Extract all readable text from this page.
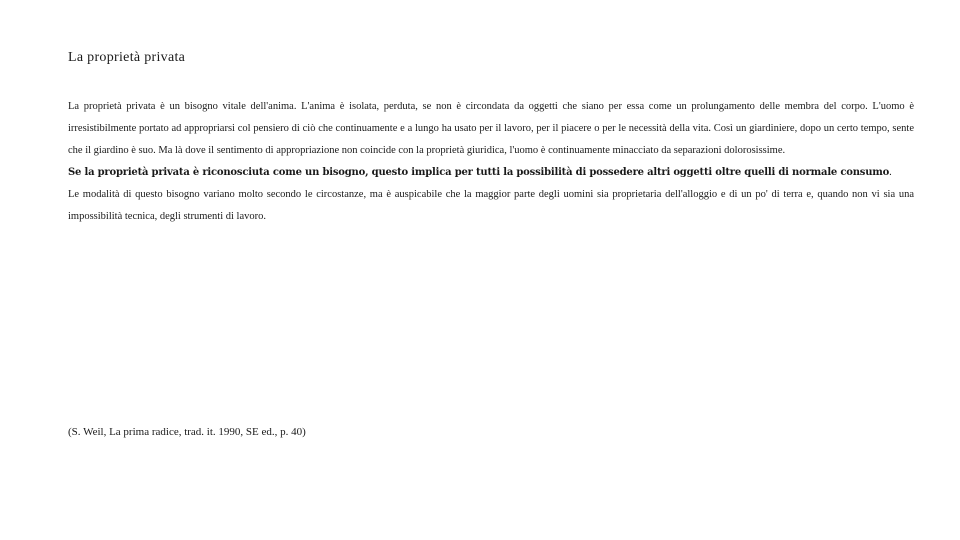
La proprietà privata

La proprietà privata è un bisogno vitale dell'anima. L'anima è isolata, perduta, se non è circondata da oggetti che siano per essa come un prolungamento delle membra del corpo. L'uomo è irresistibilmente portato ad appropriarsi col pensiero di ciò che continuamente e a lungo ha usato per il lavoro, per il piacere o per le necessità della vita. Così un giardiniere, dopo un certo tempo, sente che il giardino è suo. Ma là dove il sentimento di appropriazione non coincide con la proprietà giuridica, l'uomo è continuamente minacciato da separazioni dolorosissime.

Se la proprietà privata è riconosciuta come un bisogno, questo implica per tutti la possibilità di possedere altri oggetti oltre quelli di normale consumo.

Le modalità di questo bisogno variano molto secondo le circostanze, ma è auspicabile che la maggior parte degli uomini sia proprietaria dell'alloggio e di un po' di terra e, quando non vi sia una impossibilità tecnica, degli strumenti di lavoro.

(S. Weil, La prima radice, trad. it. 1990, SE ed., p. 40)
